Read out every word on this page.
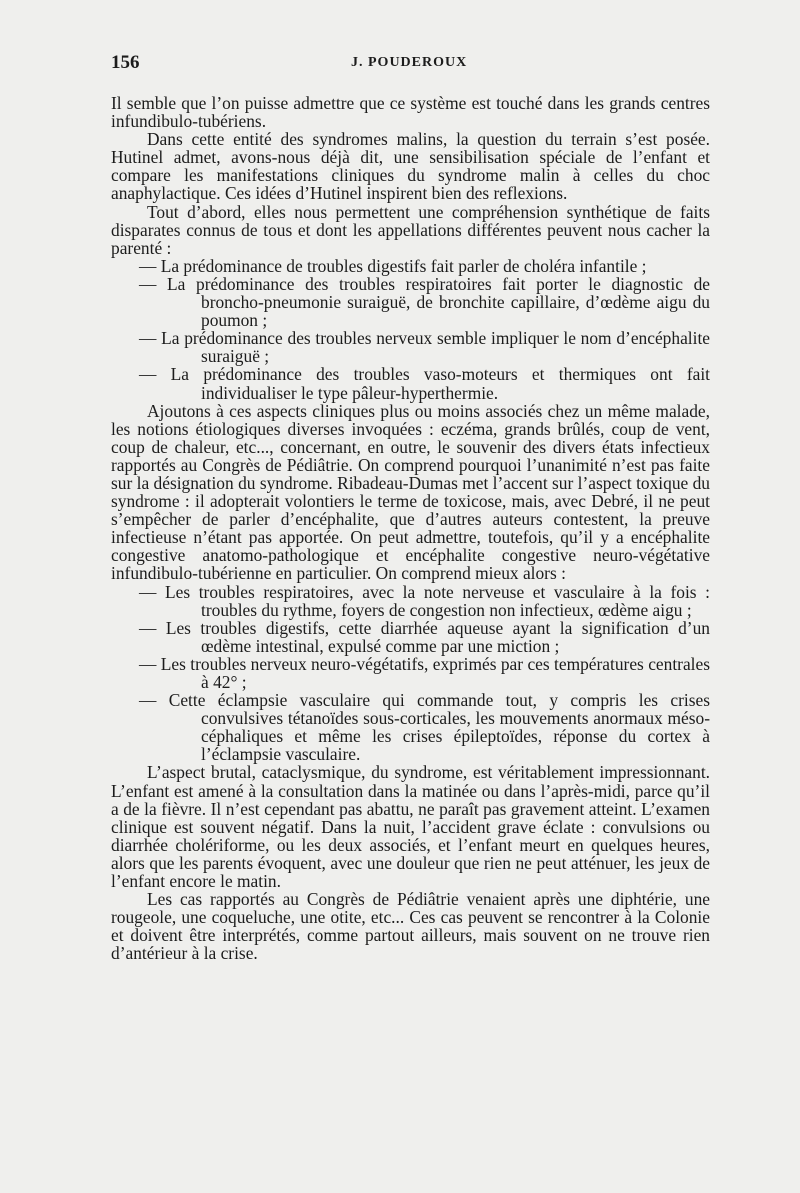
156	J. POUDEROUX

Il semble que l’on puisse admettre que ce système est touché dans les grands centres infundibulo-tubériens.

Dans cette entité des syndromes malins, la question du terrain s’est posée. Hutinel admet, avons-nous déjà dit, une sensibilisation spéciale de l’enfant et compare les manifestations cliniques du syndrome malin à celles du choc anaphylactique. Ces idées d’Hutinel inspirent bien des reflexions.

Tout d’abord, elles nous permettent une compréhension synthétique de faits disparates connus de tous et dont les appellations différentes peuvent nous cacher la parenté :

— La prédominance de troubles digestifs fait parler de choléra infantile ;
— La prédominance des troubles respiratoires fait porter le diagnostic de broncho-pneumonie suraiguë, de bronchite capillaire, d’œdème aigu du poumon ;
— La prédominance des troubles nerveux semble impliquer le nom d’encéphalite suraiguë ;
— La prédominance des troubles vaso-moteurs et thermiques ont fait individualiser le type pâleur-hyperthermie.

Ajoutons à ces aspects cliniques plus ou moins associés chez un même malade, les notions étiologiques diverses invoquées : eczéma, grands brûlés, coup de vent, coup de chaleur, etc..., concernant, en outre, le souvenir des divers états infectieux rapportés au Congrès de Pédiâtrie. On comprend pourquoi l’unanimité n’est pas faite sur la désignation du syndrome. Ribadeau-Dumas met l’accent sur l’aspect toxique du syndrome : il adopterait volontiers le terme de toxicose, mais, avec Debré, il ne peut s’empêcher de parler d’encéphalite, que d’autres auteurs contestent, la preuve infectieuse n’étant pas apportée. On peut admettre, toutefois, qu’il y a encéphalite congestive anatomo-pathologique et encéphalite congestive neuro-végétative infundibulo-tubérienne en particulier. On comprend mieux alors :

— Les troubles respiratoires, avec la note nerveuse et vasculaire à la fois : troubles du rythme, foyers de congestion non infectieux, œdème aigu ;
— Les troubles digestifs, cette diarrhée aqueuse ayant la signification d’un œdème intestinal, expulsé comme par une miction ;
— Les troubles nerveux neuro-végétatifs, exprimés par ces températures centrales à 42° ;
— Cette éclampsie vasculaire qui commande tout, y compris les crises convulsives tétanoïdes sous-corticales, les mouvements anormaux méso-céphaliques et même les crises épileptoïdes, réponse du cortex à l’éclampsie vasculaire.

L’aspect brutal, cataclysmique, du syndrome, est véritablement impressionnant. L’enfant est amené à la consultation dans la matinée ou dans l’après-midi, parce qu’il a de la fièvre. Il n’est cependant pas abattu, ne paraît pas gravement atteint. L’examen clinique est souvent négatif. Dans la nuit, l’accident grave éclate : convulsions ou diarrhée cholériforme, ou les deux associés, et l’enfant meurt en quelques heures, alors que les parents évoquent, avec une douleur que rien ne peut atténuer, les jeux de l’enfant encore le matin.

Les cas rapportés au Congrès de Pédiâtrie venaient après une diphtérie, une rougeole, une coqueluche, une otite, etc... Ces cas peuvent se rencontrer à la Colonie et doivent être interprétés, comme partout ailleurs, mais souvent on ne trouve rien d’antérieur à la crise.
